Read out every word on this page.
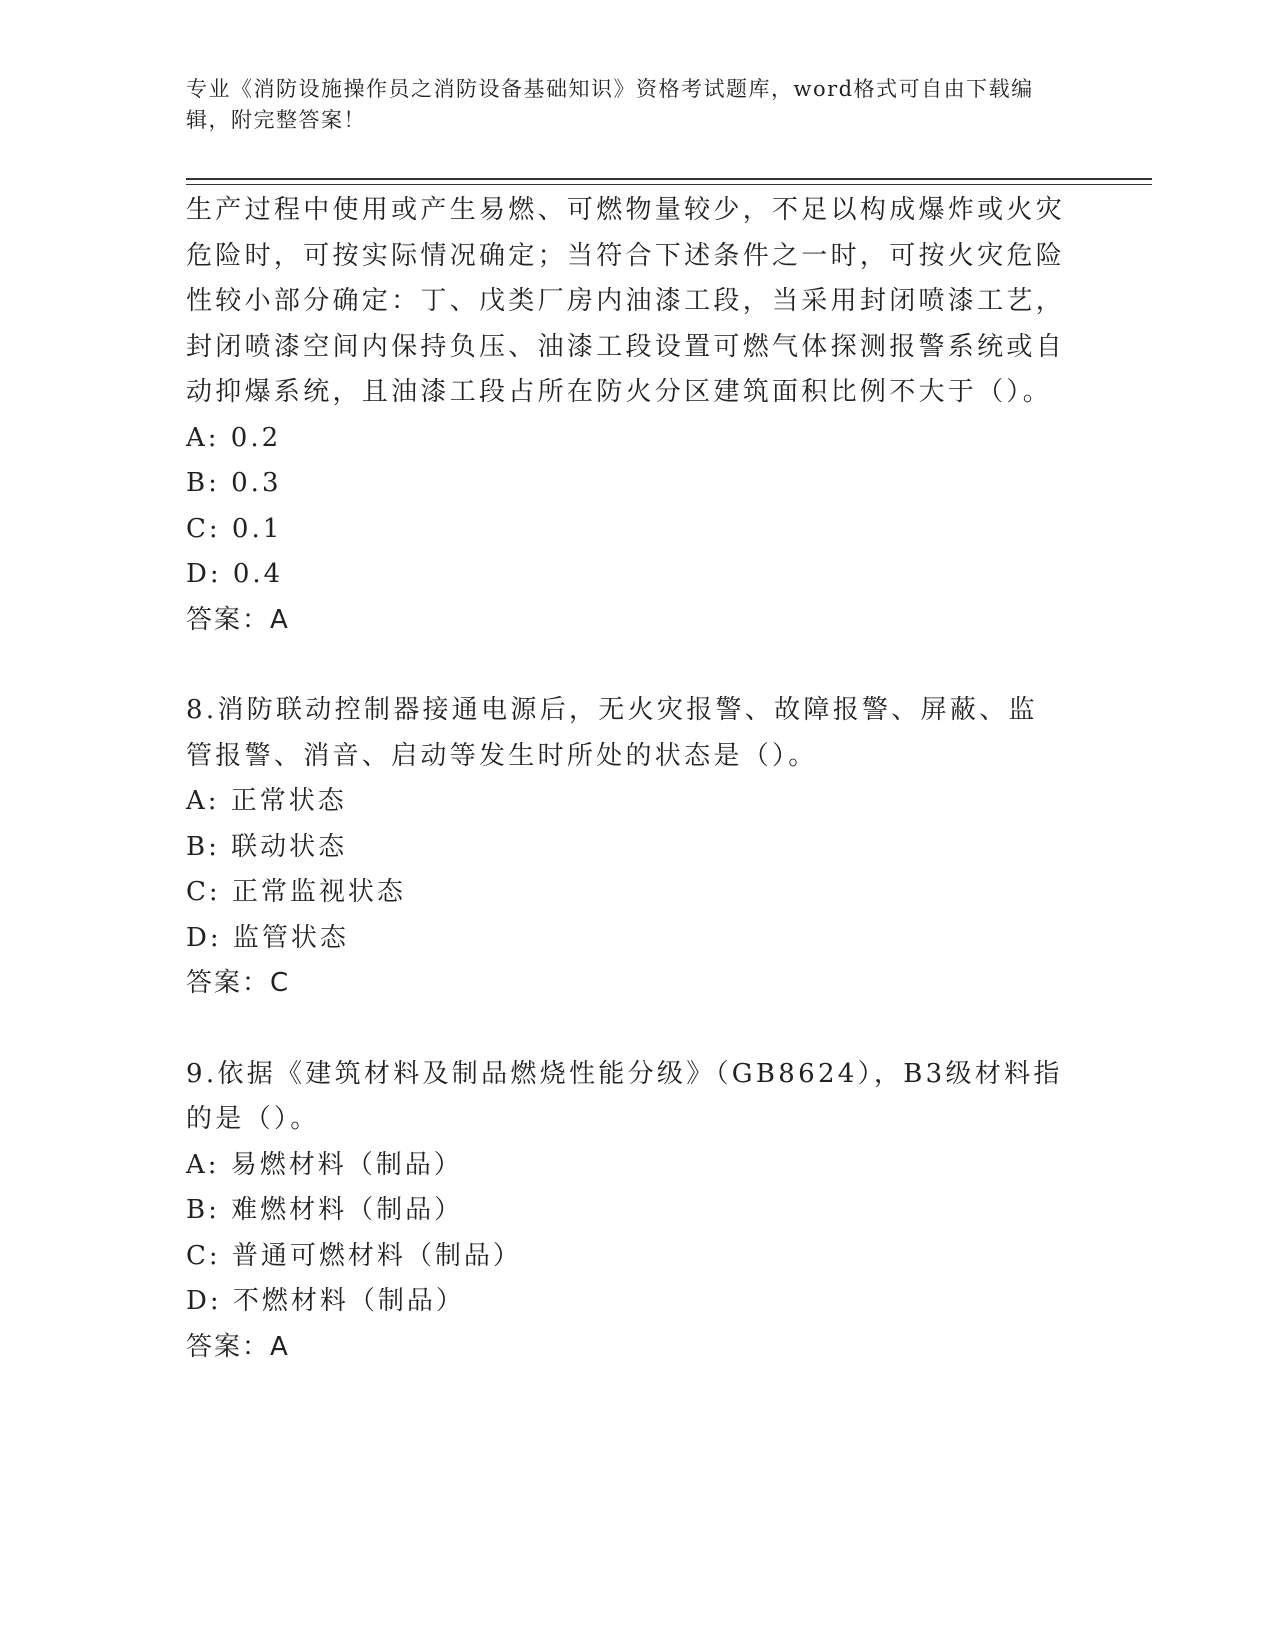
专业《消防设施操作员之消防设备基础知识》资格考试题库，word格式可自由下载编辑，附完整答案！

生产过程中使用或产生易燃、可燃物量较少，不足以构成爆炸或火灾危险时，可按实际情况确定；当符合下述条件之一时，可按火灾危险性较小部分确定：丁、戊类厂房内油漆工段，当采用封闭喷漆工艺，封闭喷漆空间内保持负压、油漆工段设置可燃气体探测报警系统或自动抑爆系统，且油漆工段占所在防火分区建筑面积比例不大于（）。

A: 0.2

B: 0.3

C: 0.1

D: 0.4

答案：A

8.消防联动控制器接通电源后，无火灾报警、故障报警、屏蔽、监管报警、消音、启动等发生时所处的状态是（）。

A: 正常状态

B: 联动状态

C: 正常监视状态

D: 监管状态

答案：C

9.依据《建筑材料及制品燃烧性能分级》（GB8624），B3级材料指的是（）。

A: 易燃材料（制品）

B: 难燃材料（制品）

C: 普通可燃材料（制品）

D: 不燃材料（制品）

答案：A
